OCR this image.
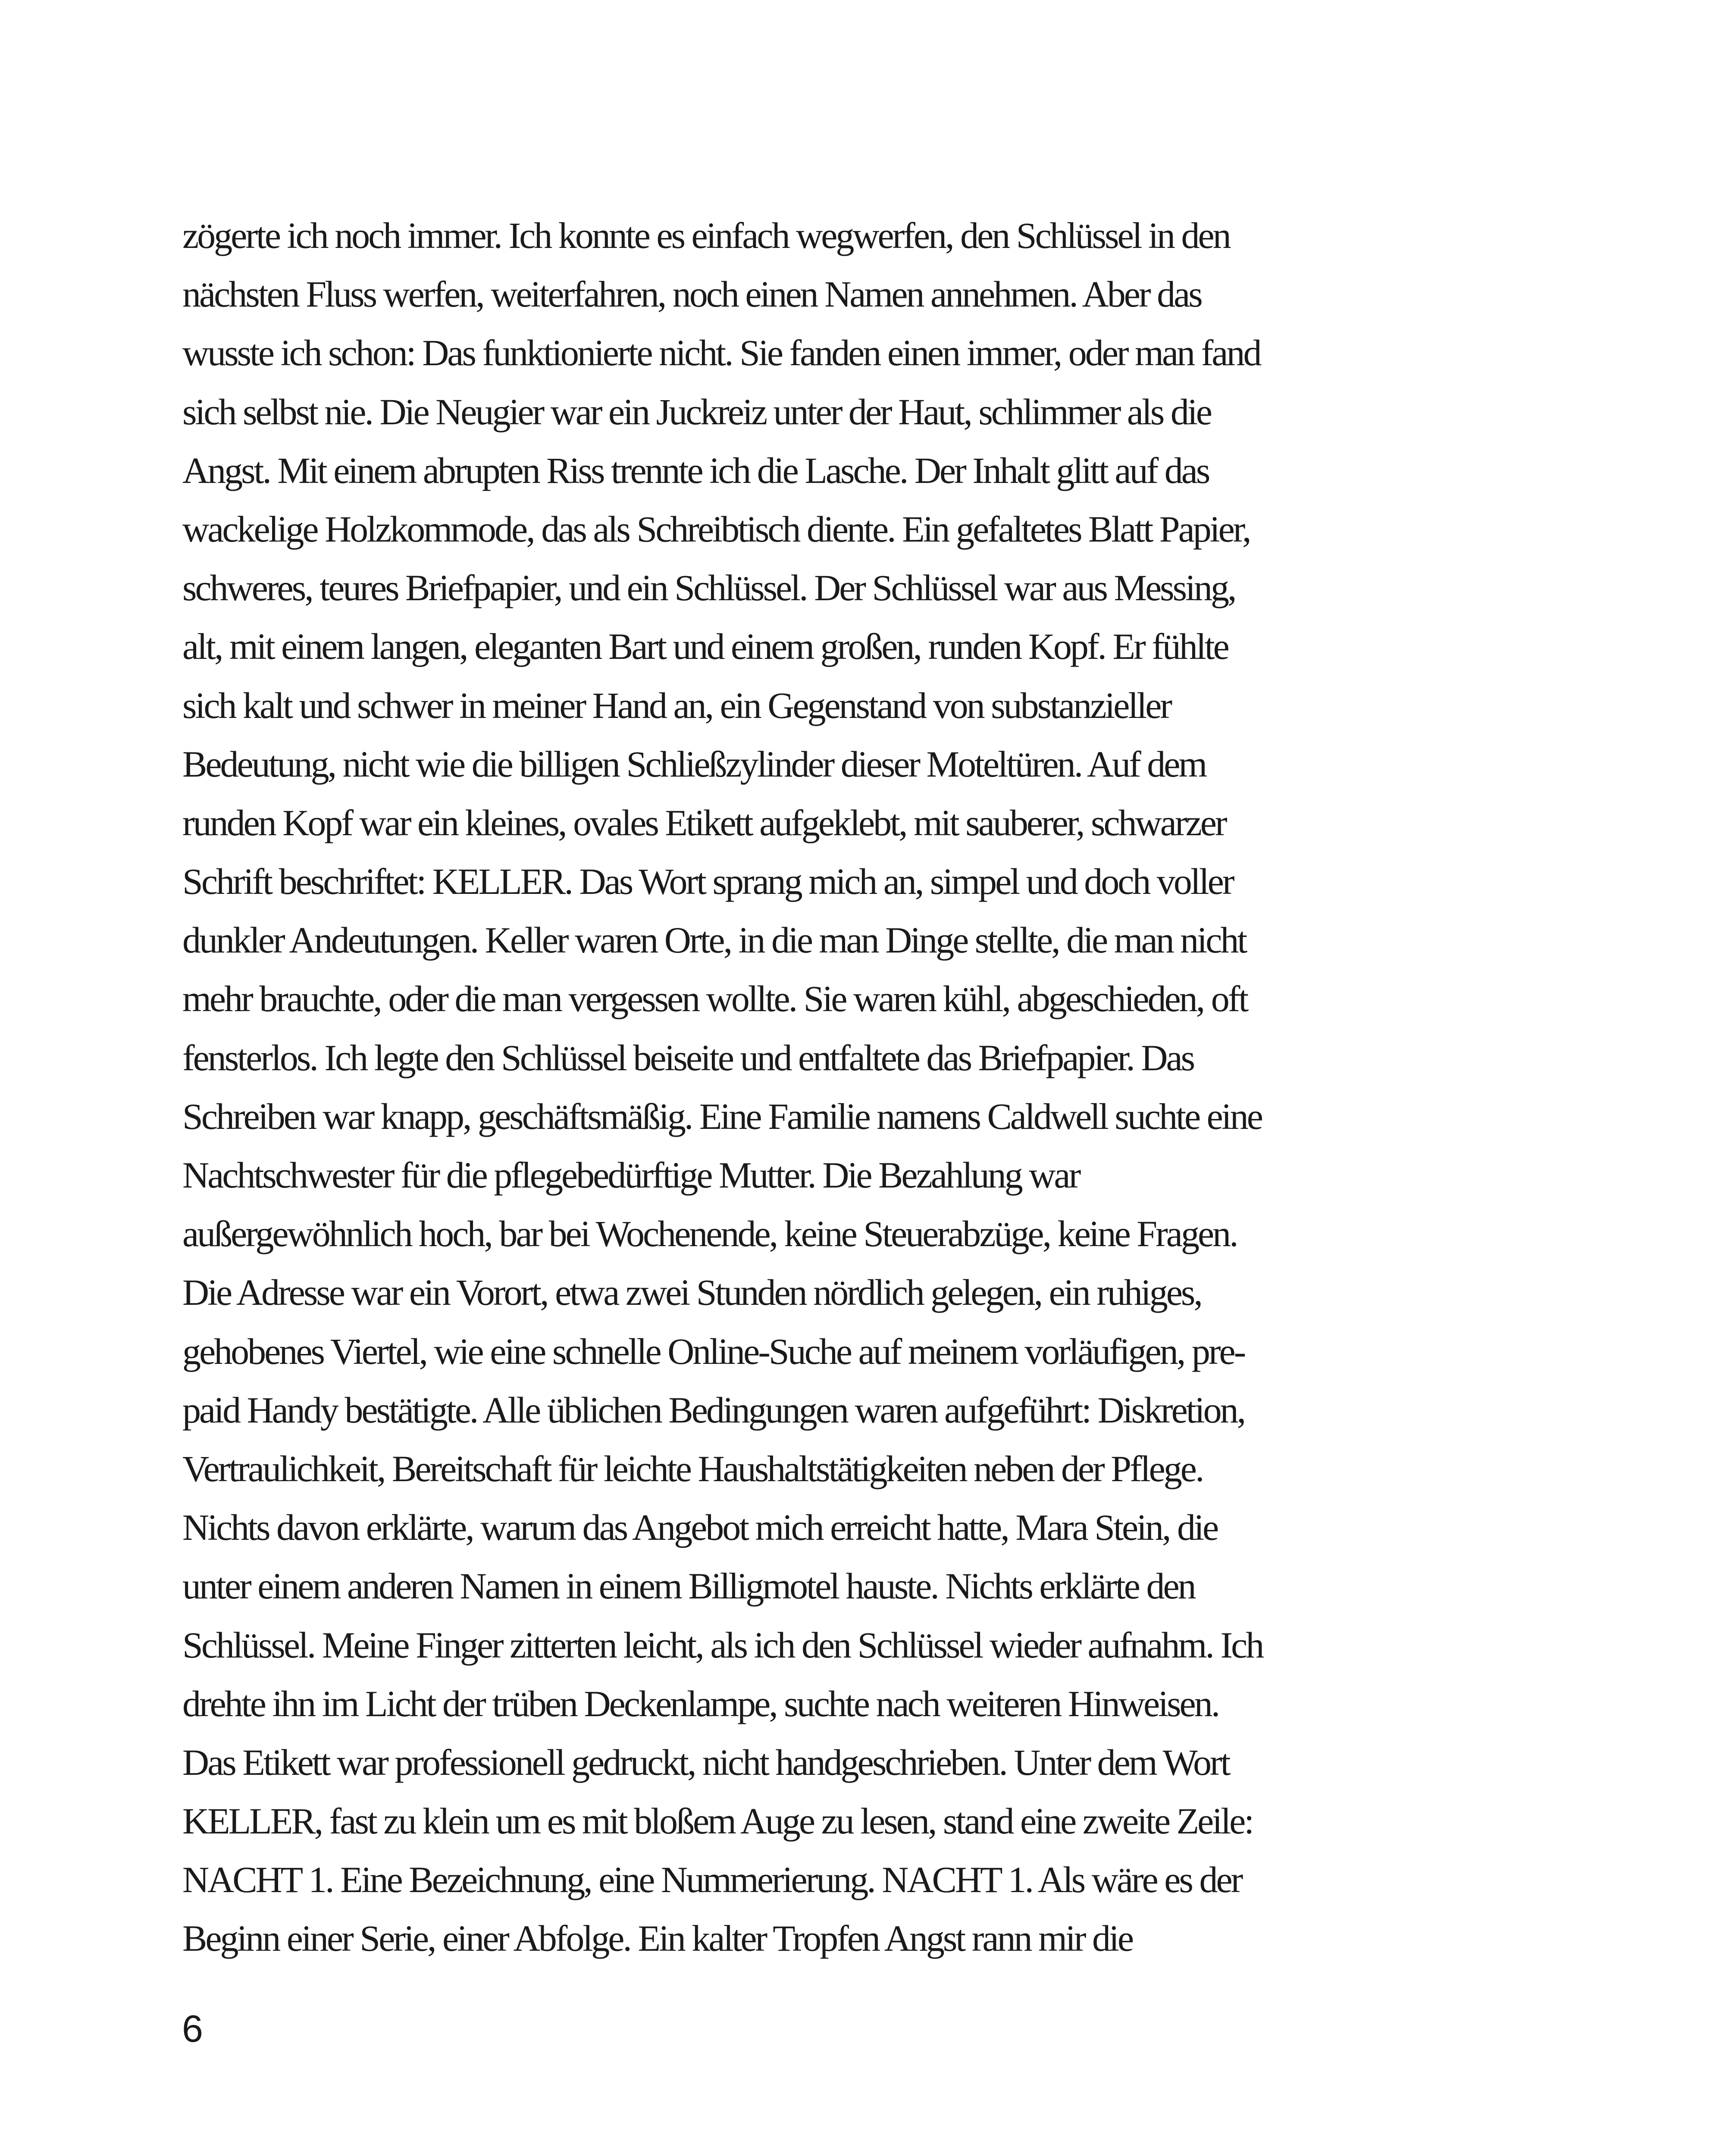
zögerte ich noch immer. Ich konnte es einfach wegwerfen, den Schlüssel in den
nächsten Fluss werfen, weiterfahren, noch einen Namen annehmen. Aber das
wusste ich schon: Das funktionierte nicht. Sie fanden einen immer, oder man fand
sich selbst nie. Die Neugier war ein Juckreiz unter der Haut, schlimmer als die
Angst. Mit einem abrupten Riss trennte ich die Lasche. Der Inhalt glitt auf das
wackelige Holzkommode, das als Schreibtisch diente. Ein gefaltetes Blatt Papier,
schweres, teures Briefpapier, und ein Schlüssel. Der Schlüssel war aus Messing,
alt, mit einem langen, eleganten Bart und einem großen, runden Kopf. Er fühlte
sich kalt und schwer in meiner Hand an, ein Gegenstand von substanzieller
Bedeutung, nicht wie die billigen Schließzylinder dieser Moteltüren. Auf dem
runden Kopf war ein kleines, ovales Etikett aufgeklebt, mit sauberer, schwarzer
Schrift beschriftet: KELLER. Das Wort sprang mich an, simpel und doch voller
dunkler Andeutungen. Keller waren Orte, in die man Dinge stellte, die man nicht
mehr brauchte, oder die man vergessen wollte. Sie waren kühl, abgeschieden, oft
fensterlos. Ich legte den Schlüssel beiseite und entfaltete das Briefpapier. Das
Schreiben war knapp, geschäftsmäßig. Eine Familie namens Caldwell suchte eine
Nachtschwester für die pflegebedürftige Mutter. Die Bezahlung war
außergewöhnlich hoch, bar bei Wochenende, keine Steuerabzüge, keine Fragen.
Die Adresse war ein Vorort, etwa zwei Stunden nördlich gelegen, ein ruhiges,
gehobenes Viertel, wie eine schnelle Online-Suche auf meinem vorläufigen, pre-
paid Handy bestätigte. Alle üblichen Bedingungen waren aufgeführt: Diskretion,
Vertraulichkeit, Bereitschaft für leichte Haushaltstätigkeiten neben der Pflege.
Nichts davon erklärte, warum das Angebot mich erreicht hatte, Mara Stein, die
unter einem anderen Namen in einem Billigmotel hauste. Nichts erklärte den
Schlüssel. Meine Finger zitterten leicht, als ich den Schlüssel wieder aufnahm. Ich
drehte ihn im Licht der trüben Deckenlampe, suchte nach weiteren Hinweisen.
Das Etikett war professionell gedruckt, nicht handgeschrieben. Unter dem Wort
KELLER, fast zu klein um es mit bloßem Auge zu lesen, stand eine zweite Zeile:
NACHT 1. Eine Bezeichnung, eine Nummerierung. NACHT 1. Als wäre es der
Beginn einer Serie, einer Abfolge. Ein kalter Tropfen Angst rann mir die
6
